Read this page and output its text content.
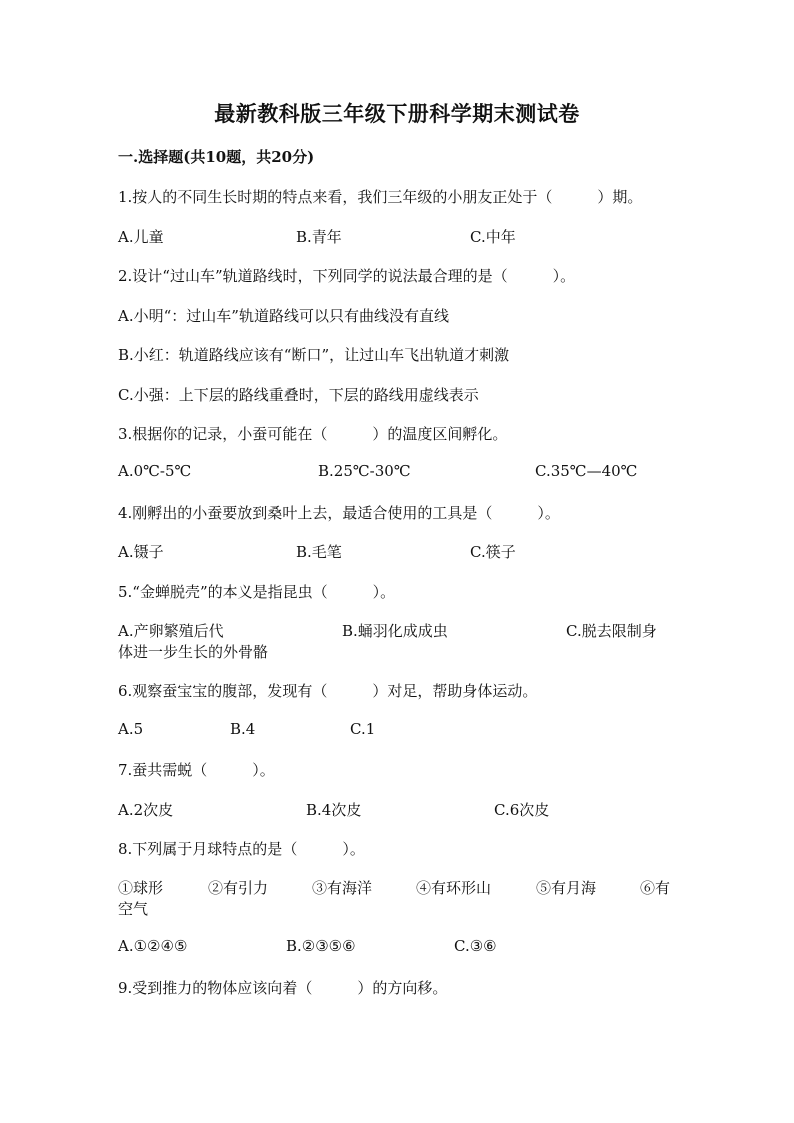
最新教科版三年级下册科学期末测试卷
一.选择题(共10题，共20分)
1.按人的不同生长时期的特点来看，我们三年级的小朋友正处于（　　　）期。
A.儿童	B.青年	C.中年
2.设计“过山车”轨道路线时，下列同学的说法最合理的是（　　　）。
A.小明“：过山车”轨道路线可以只有曲线没有直线
B.小红：轨道路线应该有“断口”，让过山车飞出轨道才刺激
C.小强：上下层的路线重叠时，下层的路线用虚线表示
3.根据你的记录，小蚕可能在（　　　）的温度区间孵化。
A.0℃-5℃	B.25℃-30℃	C.35℃—40℃
4.刚孵出的小蚕要放到桑叶上去，最适合使用的工具是（　　　）。
A.镊子	B.毛笔	C.筷子
5.“金蝉脱壳”的本义是指昆虫（　　　）。
A.产卵繁殖后代	B.蛹羽化成成虫	C.脱去限制身
体进一步生长的外骨骼
6.观察蚕宝宝的腹部，发现有（　　　）对足，帮助身体运动。
A.5	B.4	C.1
7.蚕共需蜕（　　　）。
A.2次皮	B.4次皮	C.6次皮
8.下列属于月球特点的是（　　　）。
①球形	②有引力	③有海洋	④有环形山	⑤有月海	⑥有
空气
A.①②④⑤	B.②③⑤⑥	C.③⑥
9.受到推力的物体应该向着（　　　）的方向移。
